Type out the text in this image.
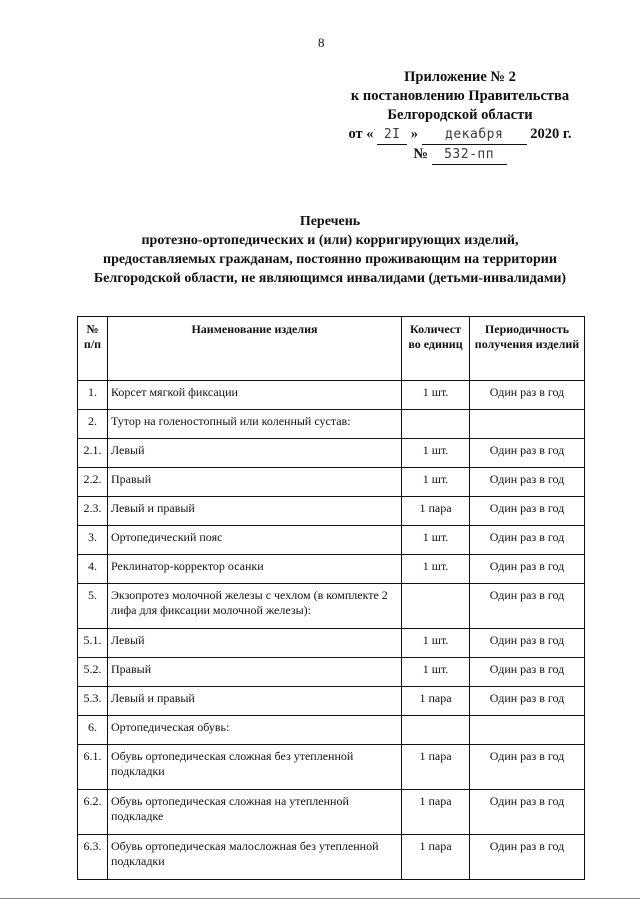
8
Приложение № 2
к постановлению Правительства
Белгородской области
от « 2I » декабря 2020 г.
№ 532-пп
Перечень
протезно-ортопедических и (или) корригирующих изделий,
предоставляемых гражданам, постоянно проживающим на территории
Белгородской области, не являющимся инвалидами (детьми-инвалидами)
№ п/п	Наименование изделия	Количест во единиц	Периодичность получения изделий
1.	Корсет мягкой фиксации	1 шт.	Один раз в год
2.	Тутор на голеностопный или коленный сустав:		
2.1.	Левый	1 шт.	Один раз в год
2.2.	Правый	1 шт.	Один раз в год
2.3.	Левый и правый	1 пара	Один раз в год
3.	Ортопедический пояс	1 шт.	Один раз в год
4.	Реклинатор-корректор осанки	1 шт.	Один раз в год
5.	Экзопротез молочной железы с чехлом (в комплекте 2 лифа для фиксации молочной железы):		Один раз в год
5.1.	Левый	1 шт.	Один раз в год
5.2.	Правый	1 шт.	Один раз в год
5.3.	Левый и правый	1 пара	Один раз в год
6.	Ортопедическая обувь:		
6.1.	Обувь ортопедическая сложная без утепленной подкладки	1 пара	Один раз в год
6.2.	Обувь ортопедическая сложная на утепленной подкладке	1 пара	Один раз в год
6.3.	Обувь ортопедическая малосложная без утепленной подкладки	1 пара	Один раз в год
